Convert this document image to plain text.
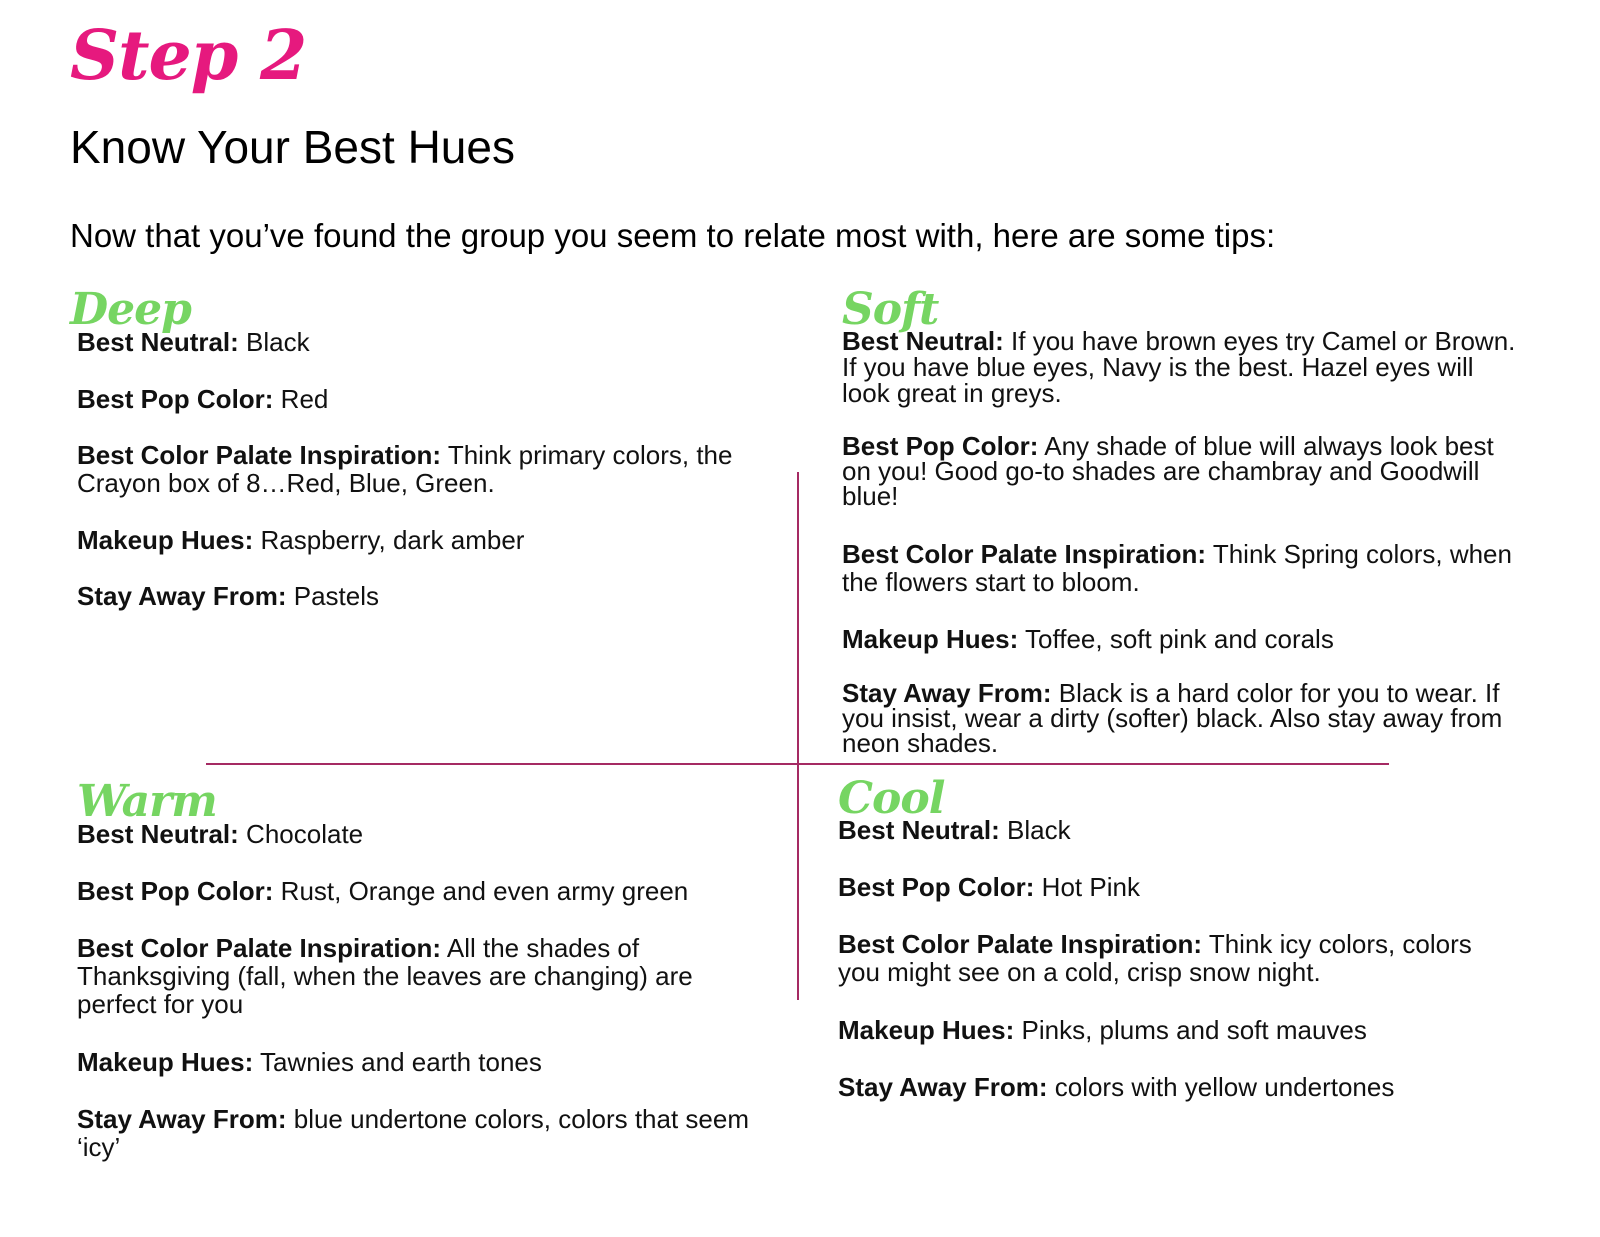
Step 2
Know Your Best Hues

Now that you’ve found the group you seem to relate most with, here are some tips:

Deep
Best Neutral: Black
Best Pop Color: Red
Best Color Palate Inspiration: Think primary colors, the Crayon box of 8…Red, Blue, Green.
Makeup Hues: Raspberry, dark amber
Stay Away From: Pastels
Soft
Best Neutral: If you have brown eyes try Camel or Brown. If you have blue eyes, Navy is the best. Hazel eyes will look great in greys.
Best Pop Color: Any shade of blue will always look best on you! Good go-to shades are chambray and Goodwill blue!
Best Color Palate Inspiration: Think Spring colors, when the flowers start to bloom.
Makeup Hues: Toffee, soft pink and corals
Stay Away From: Black is a hard color for you to wear. If you insist, wear a dirty (softer) black. Also stay away from neon shades.
Warm
Best Neutral: Chocolate
Best Pop Color: Rust, Orange and even army green
Best Color Palate Inspiration: All the shades of Thanksgiving (fall, when the leaves are changing) are perfect for you
Makeup Hues: Tawnies and earth tones
Stay Away From: blue undertone colors, colors that seem ‘icy’
Cool
Best Neutral: Black
Best Pop Color: Hot Pink
Best Color Palate Inspiration: Think icy colors, colors you might see on a cold, crisp snow night.
Makeup Hues: Pinks, plums and soft mauves
Stay Away From: colors with yellow undertones
